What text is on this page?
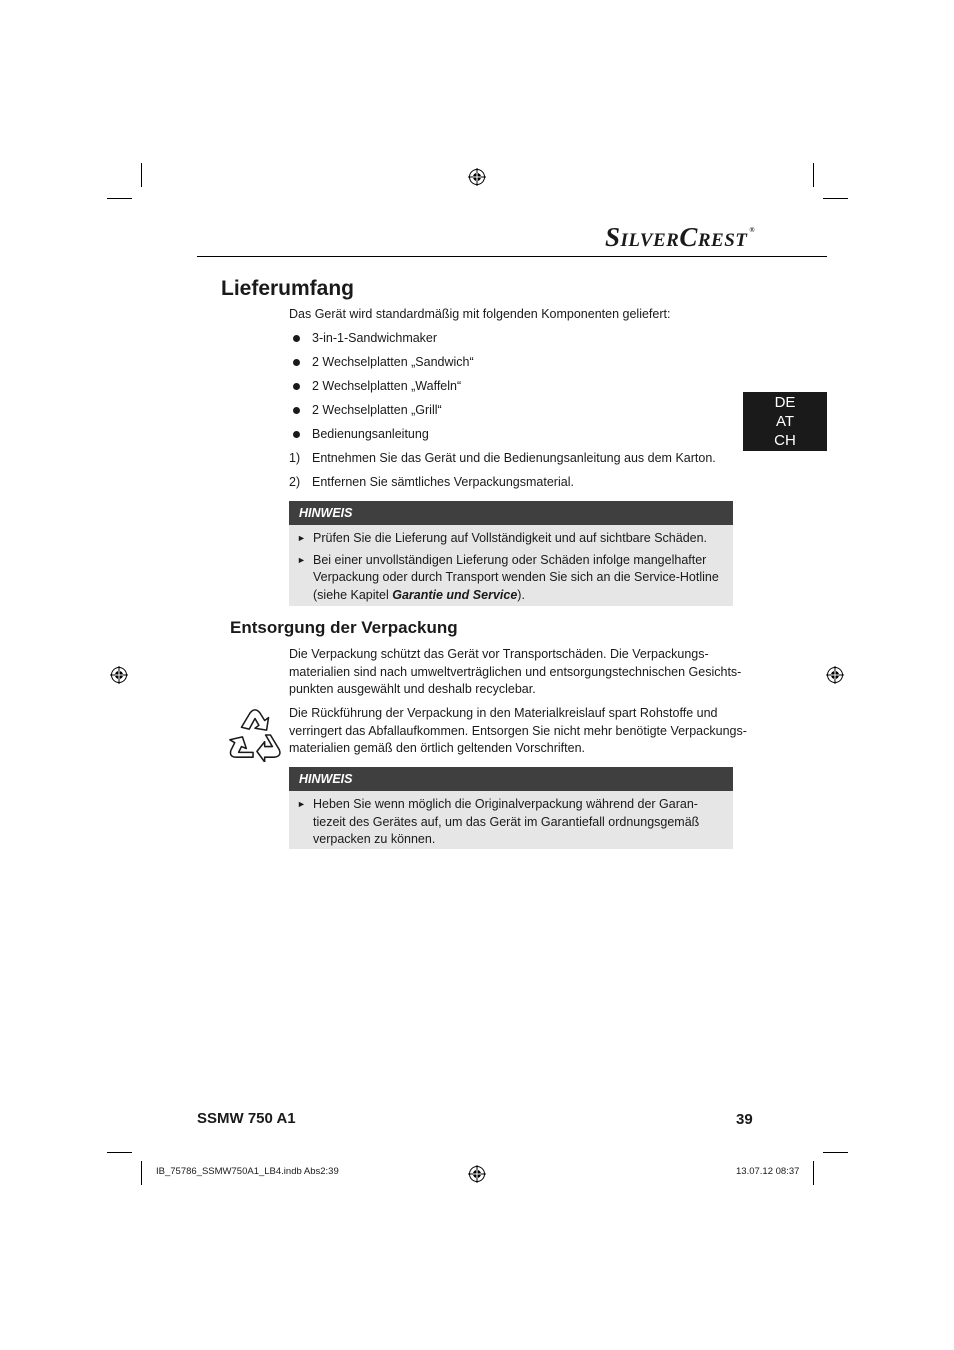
SILVERCREST ®
DE
AT
CH
Lieferumfang

Das Gerät wird standardmäßig mit folgenden Komponenten geliefert:

3-in-1-Sandwichmaker
2 Wechselplatten „Sandwich“
2 Wechselplatten „Waffeln“
2 Wechselplatten „Grill“
Bedienungsanleitung
1) Entnehmen Sie das Gerät und die Bedienungsanleitung aus dem Karton.
2) Entfernen Sie sämtliches Verpackungsmaterial.
HINWEIS
► Prüfen Sie die Lieferung auf Vollständigkeit und auf sichtbare Schäden.
► Bei einer unvollständigen Lieferung oder Schäden infolge mangelhafter
Verpackung oder durch Transport wenden Sie sich an die Service-Hotline
(siehe Kapitel Garantie und Service).
Entsorgung der Verpackung

Die Verpackung schützt das Gerät vor Transportschäden. Die Verpackungs-
materialien sind nach umweltverträglichen und entsorgungstechnischen Gesichts-
punkten ausgewählt und deshalb recyclebar.

Die Rückführung der Verpackung in den Materialkreislauf spart Rohstoffe und
verringert das Abfallaufkommen. Entsorgen Sie nicht mehr benötigte Verpackungs-
materialien gemäß den örtlich geltenden Vorschriften.

HINWEIS
► Heben Sie wenn möglich die Originalverpackung während der Garan-
tiezeit des Gerätes auf, um das Gerät im Garantiefall ordnungsgemäß
verpacken zu können.
SSMW 750 A1	39
IB_75786_SSMW750A1_LB4.indb Abs2:39	13.07.12 08:37
